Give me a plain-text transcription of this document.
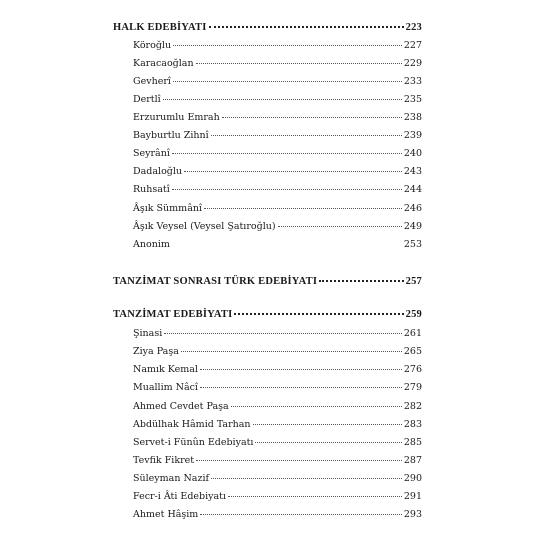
HALK EDEBİYATI	223
Köroğlu	227
Karacaoğlan	229
Gevherî	233
Dertlî	235
Erzurumlu Emrah	238
Bayburtlu Zihnî	239
Seyrânî	240
Dadaloğlu	243
Ruhsatî	244
Âşık Sümmânî	246
Âşık Veysel (Veysel Şatıroğlu)	249
Anonim	253
TANZİMAT SONRASI TÜRK EDEBİYATI	257
TANZİMAT EDEBİYATI	259
Şinasi	261
Ziya Paşa	265
Namık Kemal	276
Muallim Nâcî	279
Ahmed Cevdet Paşa	282
Abdülhak Hâmid Tarhan	283
Servet-i Fünûn Edebiyatı	285
Tevfik Fikret	287
Süleyman Nazif	290
Fecr-i Âti Edebiyatı	291
Ahmet Hâşim	293
